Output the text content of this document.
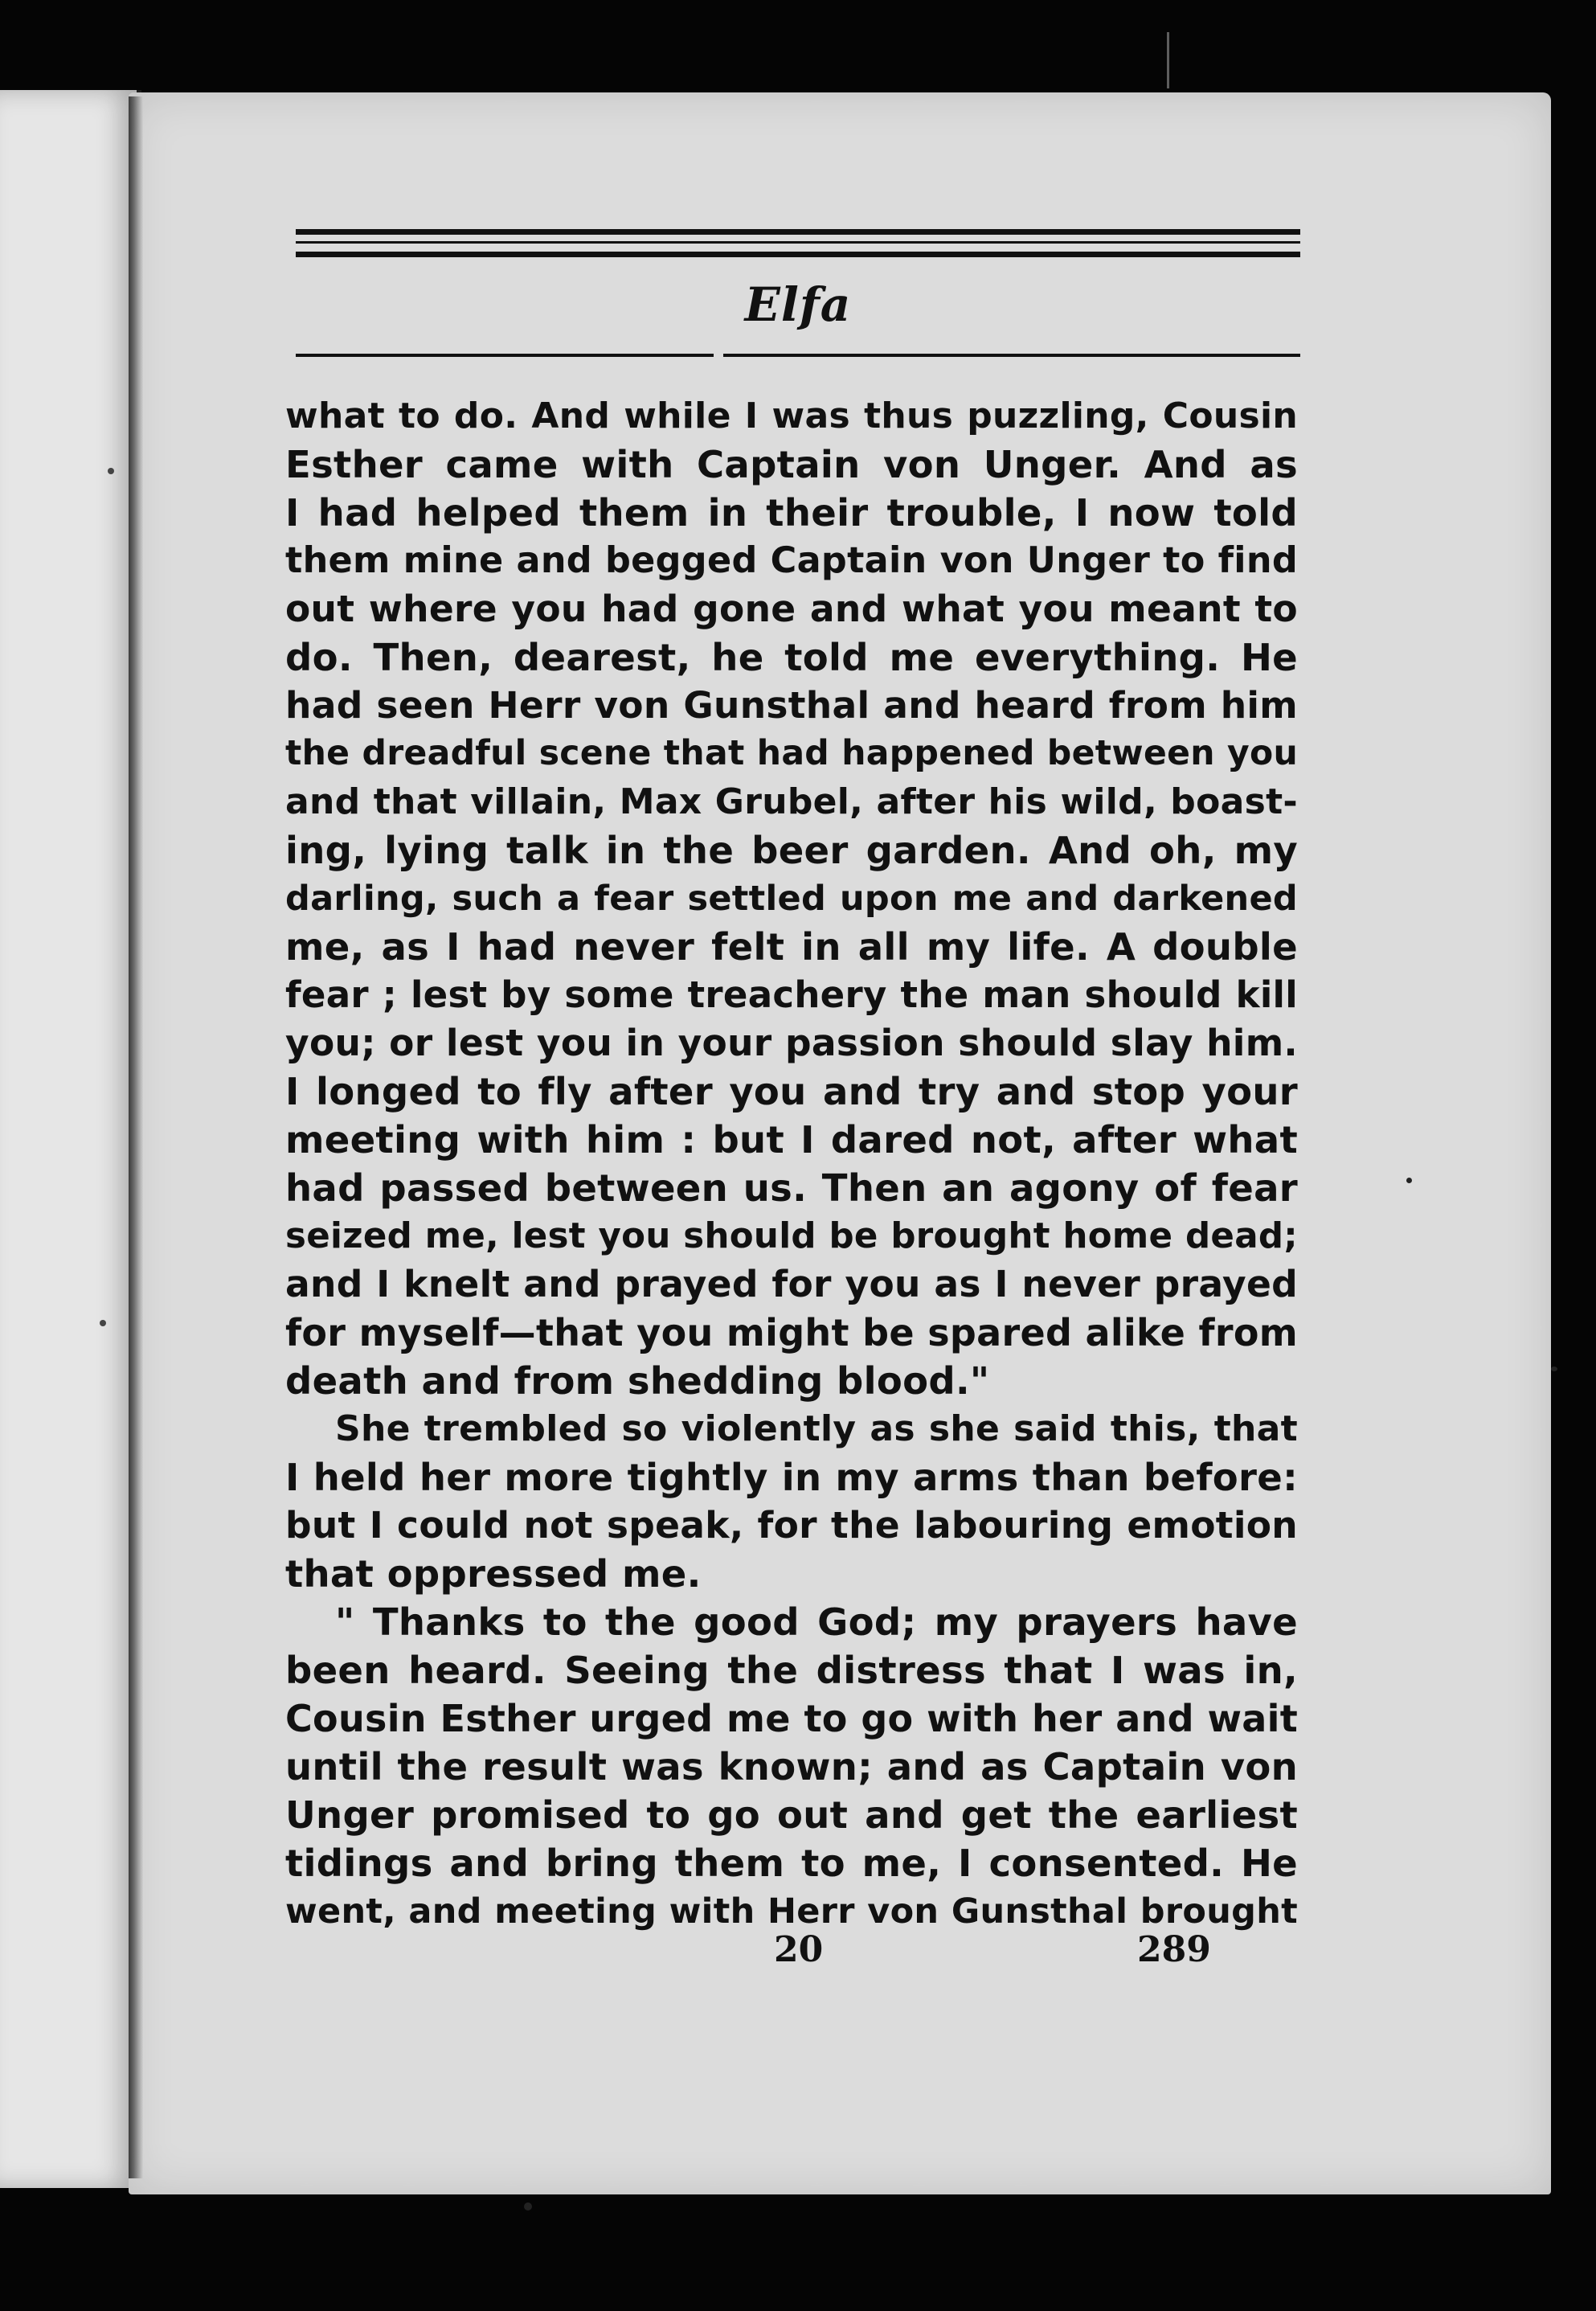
Elfa
what to do. And while I was thus puzzling, Cousin
Esther came with Captain von Unger. And as
I had helped them in their trouble, I now told
them mine and begged Captain von Unger to find
out where you had gone and what you meant to
do. Then, dearest, he told me everything. He
had seen Herr von Gunsthal and heard from him
the dreadful scene that had happened between you
and that villain, Max Grubel, after his wild, boast-
ing, lying talk in the beer garden. And oh, my
darling, such a fear settled upon me and darkened
me, as I had never felt in all my life. A double
fear ; lest by some treachery the man should kill
you; or lest you in your passion should slay him.
I longed to fly after you and try and stop your
meeting with him : but I dared not, after what
had passed between us. Then an agony of fear
seized me, lest you should be brought home dead;
and I knelt and prayed for you as I never prayed
for myself—that you might be spared alike from
death and from shedding blood."
She trembled so violently as she said this, that
I held her more tightly in my arms than before:
but I could not speak, for the labouring emotion
that oppressed me.
" Thanks to the good God; my prayers have
been heard. Seeing the distress that I was in,
Cousin Esther urged me to go with her and wait
until the result was known; and as Captain von
Unger promised to go out and get the earliest
tidings and bring them to me, I consented. He
went, and meeting with Herr von Gunsthal brought
20	289
